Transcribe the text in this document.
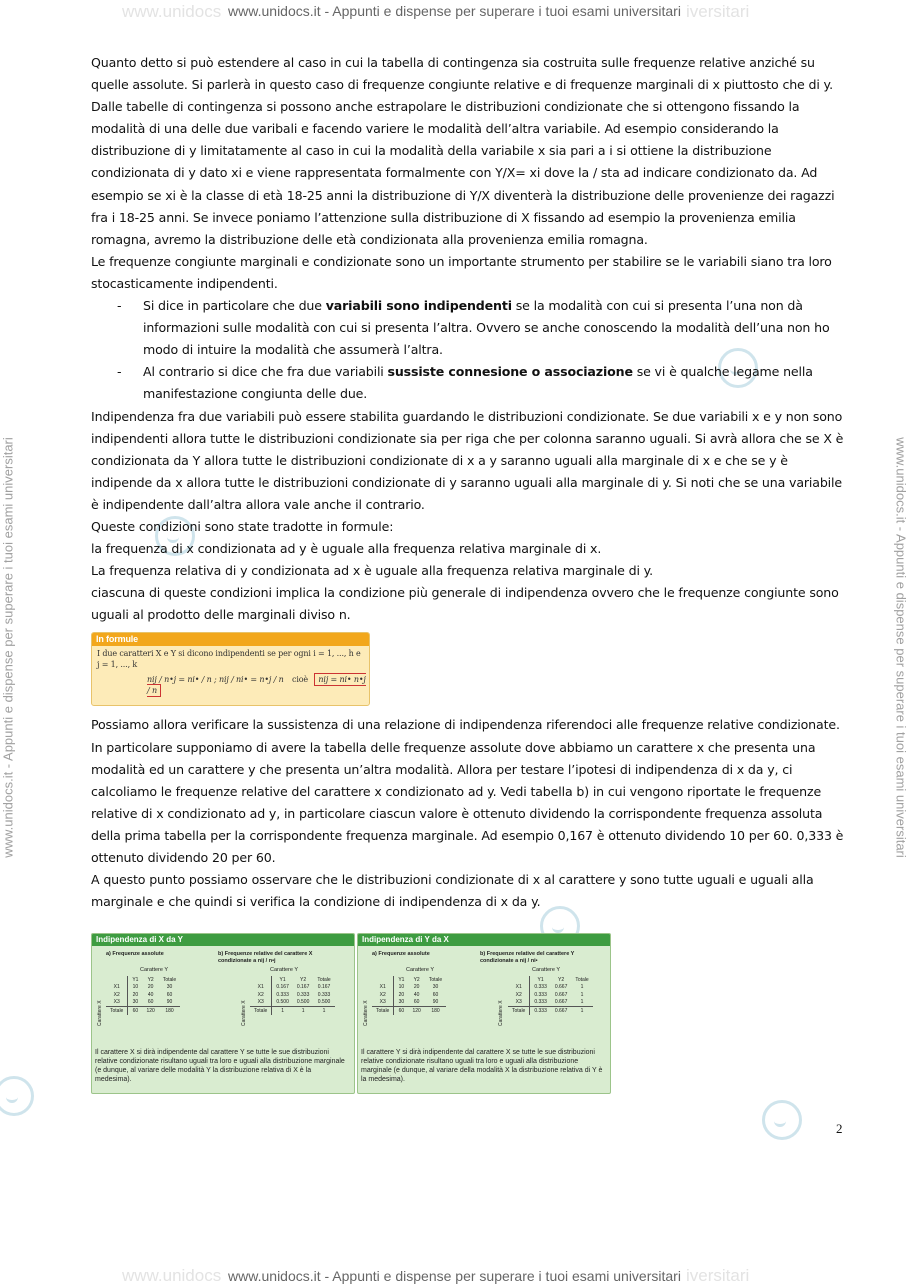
www.unidocs.it - Appunti e dispense per superare i tuoi esami universitari
www.unidocs	iversitari
www.unidocs.it - Appunti e dispense per superare i tuoi esami universitari	www.unidocs.it - Appunti e dispense per superare i tuoi esami universitari

Quanto detto si può estendere al caso in cui la tabella di contingenza sia costruita sulle frequenze relative anziché su quelle assolute. Si parlerà in questo caso di frequenze congiunte relative e di frequenze marginali di x piuttosto che di y.

Dalle tabelle di contingenza si possono anche estrapolare le distribuzioni condizionate che si ottengono fissando la modalità di una delle due varibali e facendo variere le modalità dell’altra variabile. Ad esempio considerando la distribuzione di y limitatamente al caso in cui la modalità della variabile x sia pari a i si ottiene la distribuzione condizionata di y dato xi e viene rappresentata formalmente con Y/X= xi dove la / sta ad indicare condizionato da. Ad esempio se xi è la classe di età 18-25 anni la distribuzione di Y/X diventerà la distribuzione delle provenienze dei ragazzi fra i 18-25 anni. Se invece poniamo l’attenzione sulla distribuzione di X fissando ad esempio la provenienza emilia romagna, avremo la distribuzione delle età condizionata alla provenienza emilia romagna.

Le frequenze congiunte marginali e condizionate sono un importante strumento per stabilire se le variabili siano tra loro stocasticamente indipendenti.

- Si dice in particolare che due variabili sono indipendenti se la modalità con cui si presenta l’una non dà informazioni sulle modalità con cui si presenta l’altra. Ovvero se anche conoscendo la modalità dell’una non ho modo di intuire la modalità che assumerà l’altra.
- Al contrario si dice che fra due variabili sussiste connesione o associazione se vi è qualche legame nella manifestazione congiunta delle due.

Indipendenza fra due variabili può essere stabilita guardando le distribuzioni condizionate. Se due variabili x e y non sono indipendenti allora tutte le distribuzioni condizionate sia per riga che per colonna saranno uguali. Si avrà allora che se X è condizionata da Y allora tutte le distribuzioni condizionate di x a y saranno uguali alla marginale di x e che se y è indipende da x allora tutte le distribuzioni condizionate di y saranno uguali alla marginale di y. Si noti che se una variabile è indipendente dall’altra allora vale anche il contrario.

Queste condizioni sono state tradotte in formule:

la frequenza di x condizionata ad y è uguale alla frequenza relativa marginale di x.

La frequenza relativa di y condizionata ad x è uguale alla frequenza relativa marginale di y.

ciascuna di queste condizioni implica la condizione più generale di indipendenza ovvero che le frequenze congiunte sono uguali al prodotto delle marginali diviso n.

In formule
I due caratteri X e Y si dicono indipendenti se per ogni i = 1, ..., h e j = 1, ..., k
nij / n•j = ni• / n ; nij / ni• = n•j / n cioè nij = ni• n•j / n

Possiamo allora verificare la sussistenza di una relazione di indipendenza riferendoci alle frequenze relative condizionate. In particolare supponiamo di avere la tabella delle frequenze assolute dove abbiamo un carattere x che presenta una modalità ed un carattere y che presenta un’altra modalità. Allora per testare l’ipotesi di indipendenza di x da y, ci calcoliamo le frequenze relative del carattere x condizionato ad y. Vedi tabella b) in cui vengono riportate le frequenze relative di x condizionato ad y, in particolare ciascun valore è ottenuto dividendo la corrispondente frequenza assoluta della prima tabella per la corrispondente frequenza marginale. Ad esempio 0,167 è ottenuto dividendo 10 per 60. 0,333 è ottenuto dividendo 20 per 60.

A questo punto possiamo osservare che le distribuzioni condizionate di x al carattere y sono tutte uguali e uguali alla marginale e che quindi si verifica la condizione di indipendenza di x da y.

Indipendenza di X da Y
a) Frequenze assolute	b) Frequenze relative del carattere X condizionate a nij / n•j
Carattere Y	Carattere Y
Carattere X	Carattere X
	Y1	Y2	Totale
X1	10	20	30
X2	20	40	60
X3	30	60	90
Totale	60	120	180
	Y1	Y2	Totale
X1	0.167	0.167	0.167
X2	0.333	0.333	0.333
X3	0.500	0.500	0.500
Totale	1	1	1
Il carattere X si dirà indipendente dal carattere Y se tutte le sue distribuzioni relative condizionate risultano uguali tra loro e uguali alla distribuzione marginale (e dunque, al variare delle modalità Y la distribuzione relativa di X è la medesima).
Indipendenza di Y da X
a) Frequenze assolute	b) Frequenze relative del carattere Y condizionate a nij / ni•
Carattere Y	Carattere Y
Carattere X	Carattere X
	Y1	Y2	Totale
X1	10	20	30
X2	20	40	60
X3	30	60	90
Totale	60	120	180
	Y1	Y2	Totale
X1	0.333	0.667	1
X2	0.333	0.667	1
X3	0.333	0.667	1
Totale	0.333	0.667	1
Il carattere Y si dirà indipendente dal carattere X se tutte le sue distribuzioni relative condizionate risultano uguali tra loro e uguali alla distribuzione marginale (e dunque, al variare della modalità X la distribuzione relativa di Y è la medesima).
2
www.unidocs.it - Appunti e dispense per superare i tuoi esami universitari
www.unidocs	iversitari
